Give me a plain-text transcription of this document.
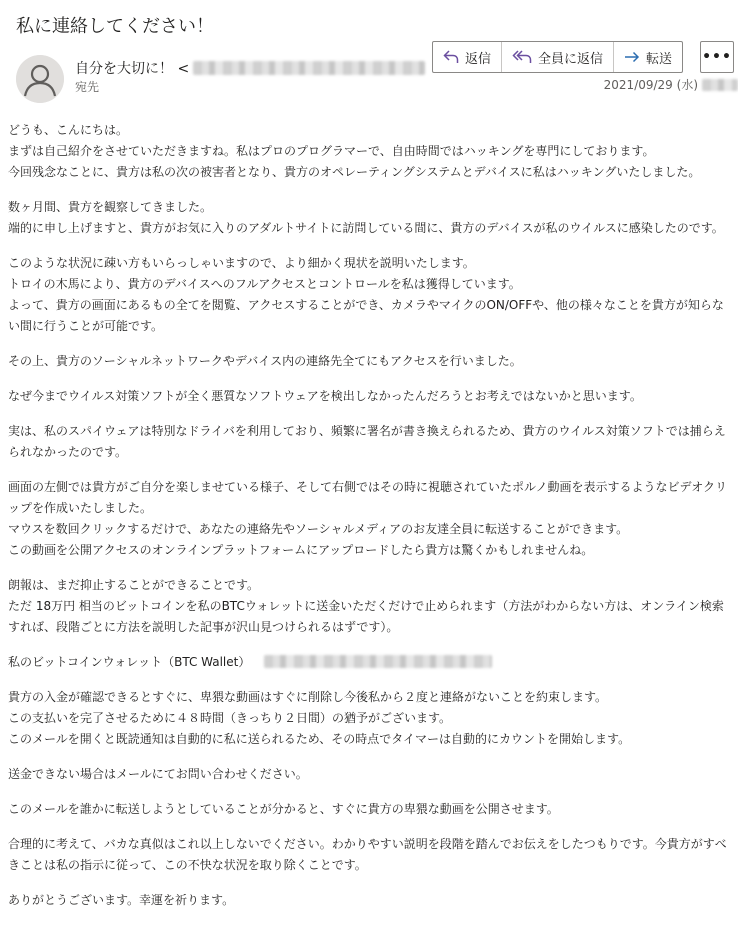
私に連絡してください！
自分を大切に！ <
宛先
返信	全員に返信	転送 •••
2021/09/29 (水)

どうも、こんにちは。
まずは自己紹介をさせていただきますね。私はプロのプログラマーで、自由時間ではハッキングを専門にしております。
今回残念なことに、貴方は私の次の被害者となり、貴方のオペレーティングシステムとデバイスに私はハッキングいたしました。

数ヶ月間、貴方を観察してきました。
端的に申し上げますと、貴方がお気に入りのアダルトサイトに訪問している間に、貴方のデバイスが私のウイルスに感染したのです。

このような状況に疎い方もいらっしゃいますので、より細かく現状を説明いたします。
トロイの木馬により、貴方のデバイスへのフルアクセスとコントロールを私は獲得しています。
よって、貴方の画面にあるもの全てを閲覧、アクセスすることができ、カメラやマイクのON/OFFや、他の様々なことを貴方が知らない間に行うことが可能です。

その上、貴方のソーシャルネットワークやデバイス内の連絡先全てにもアクセスを行いました。

なぜ今までウイルス対策ソフトが全く悪質なソフトウェアを検出しなかったんだろうとお考えではないかと思います。

実は、私のスパイウェアは特別なドライバを利用しており、頻繁に署名が書き換えられるため、貴方のウイルス対策ソフトでは捕らえられなかったのです。

画面の左側では貴方がご自分を楽しませている様子、そして右側ではその時に視聴されていたポルノ動画を表示するようなビデオクリップを作成いたしました。
マウスを数回クリックするだけで、あなたの連絡先やソーシャルメディアのお友達全員に転送することができます。
この動画を公開アクセスのオンラインプラットフォームにアップロードしたら貴方は驚くかもしれませんね。

朗報は、まだ抑止することができることです。
ただ 18万円 相当のビットコインを私のBTCウォレットに送金いただくだけで止められます（方法がわからない方は、オンライン検索すれば、段階ごとに方法を説明した記事が沢山見つけられるはずです）。

私のビットコインウォレット（BTC Wallet）

貴方の入金が確認できるとすぐに、卑猥な動画はすぐに削除し今後私から２度と連絡がないことを約束します。
この支払いを完了させるために４８時間（きっちり２日間）の猶予がございます。
このメールを開くと既読通知は自動的に私に送られるため、その時点でタイマーは自動的にカウントを開始します。

送金できない場合はメールにてお問い合わせください。

このメールを誰かに転送しようとしていることが分かると、すぐに貴方の卑猥な動画を公開させます。

合理的に考えて、バカな真似はこれ以上しないでください。わかりやすい説明を段階を踏んでお伝えをしたつもりです。今貴方がすべきことは私の指示に従って、この不快な状況を取り除くことです。

ありがとうございます。幸運を祈ります。
